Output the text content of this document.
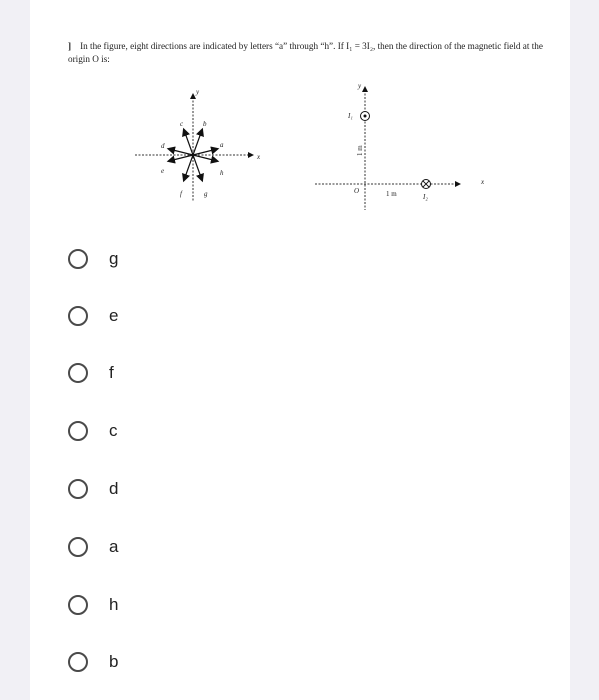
] In the figure, eight directions are indicated by letters “a” through “h”. If I₁ = 3I₂, then the direction of the magnetic field at the origin O is:
y
x
a
b
c
d
e
f	g
h
y
x
O
I₁
I₂
1 m
1 m
g
e
f
c
d
a
h
b
